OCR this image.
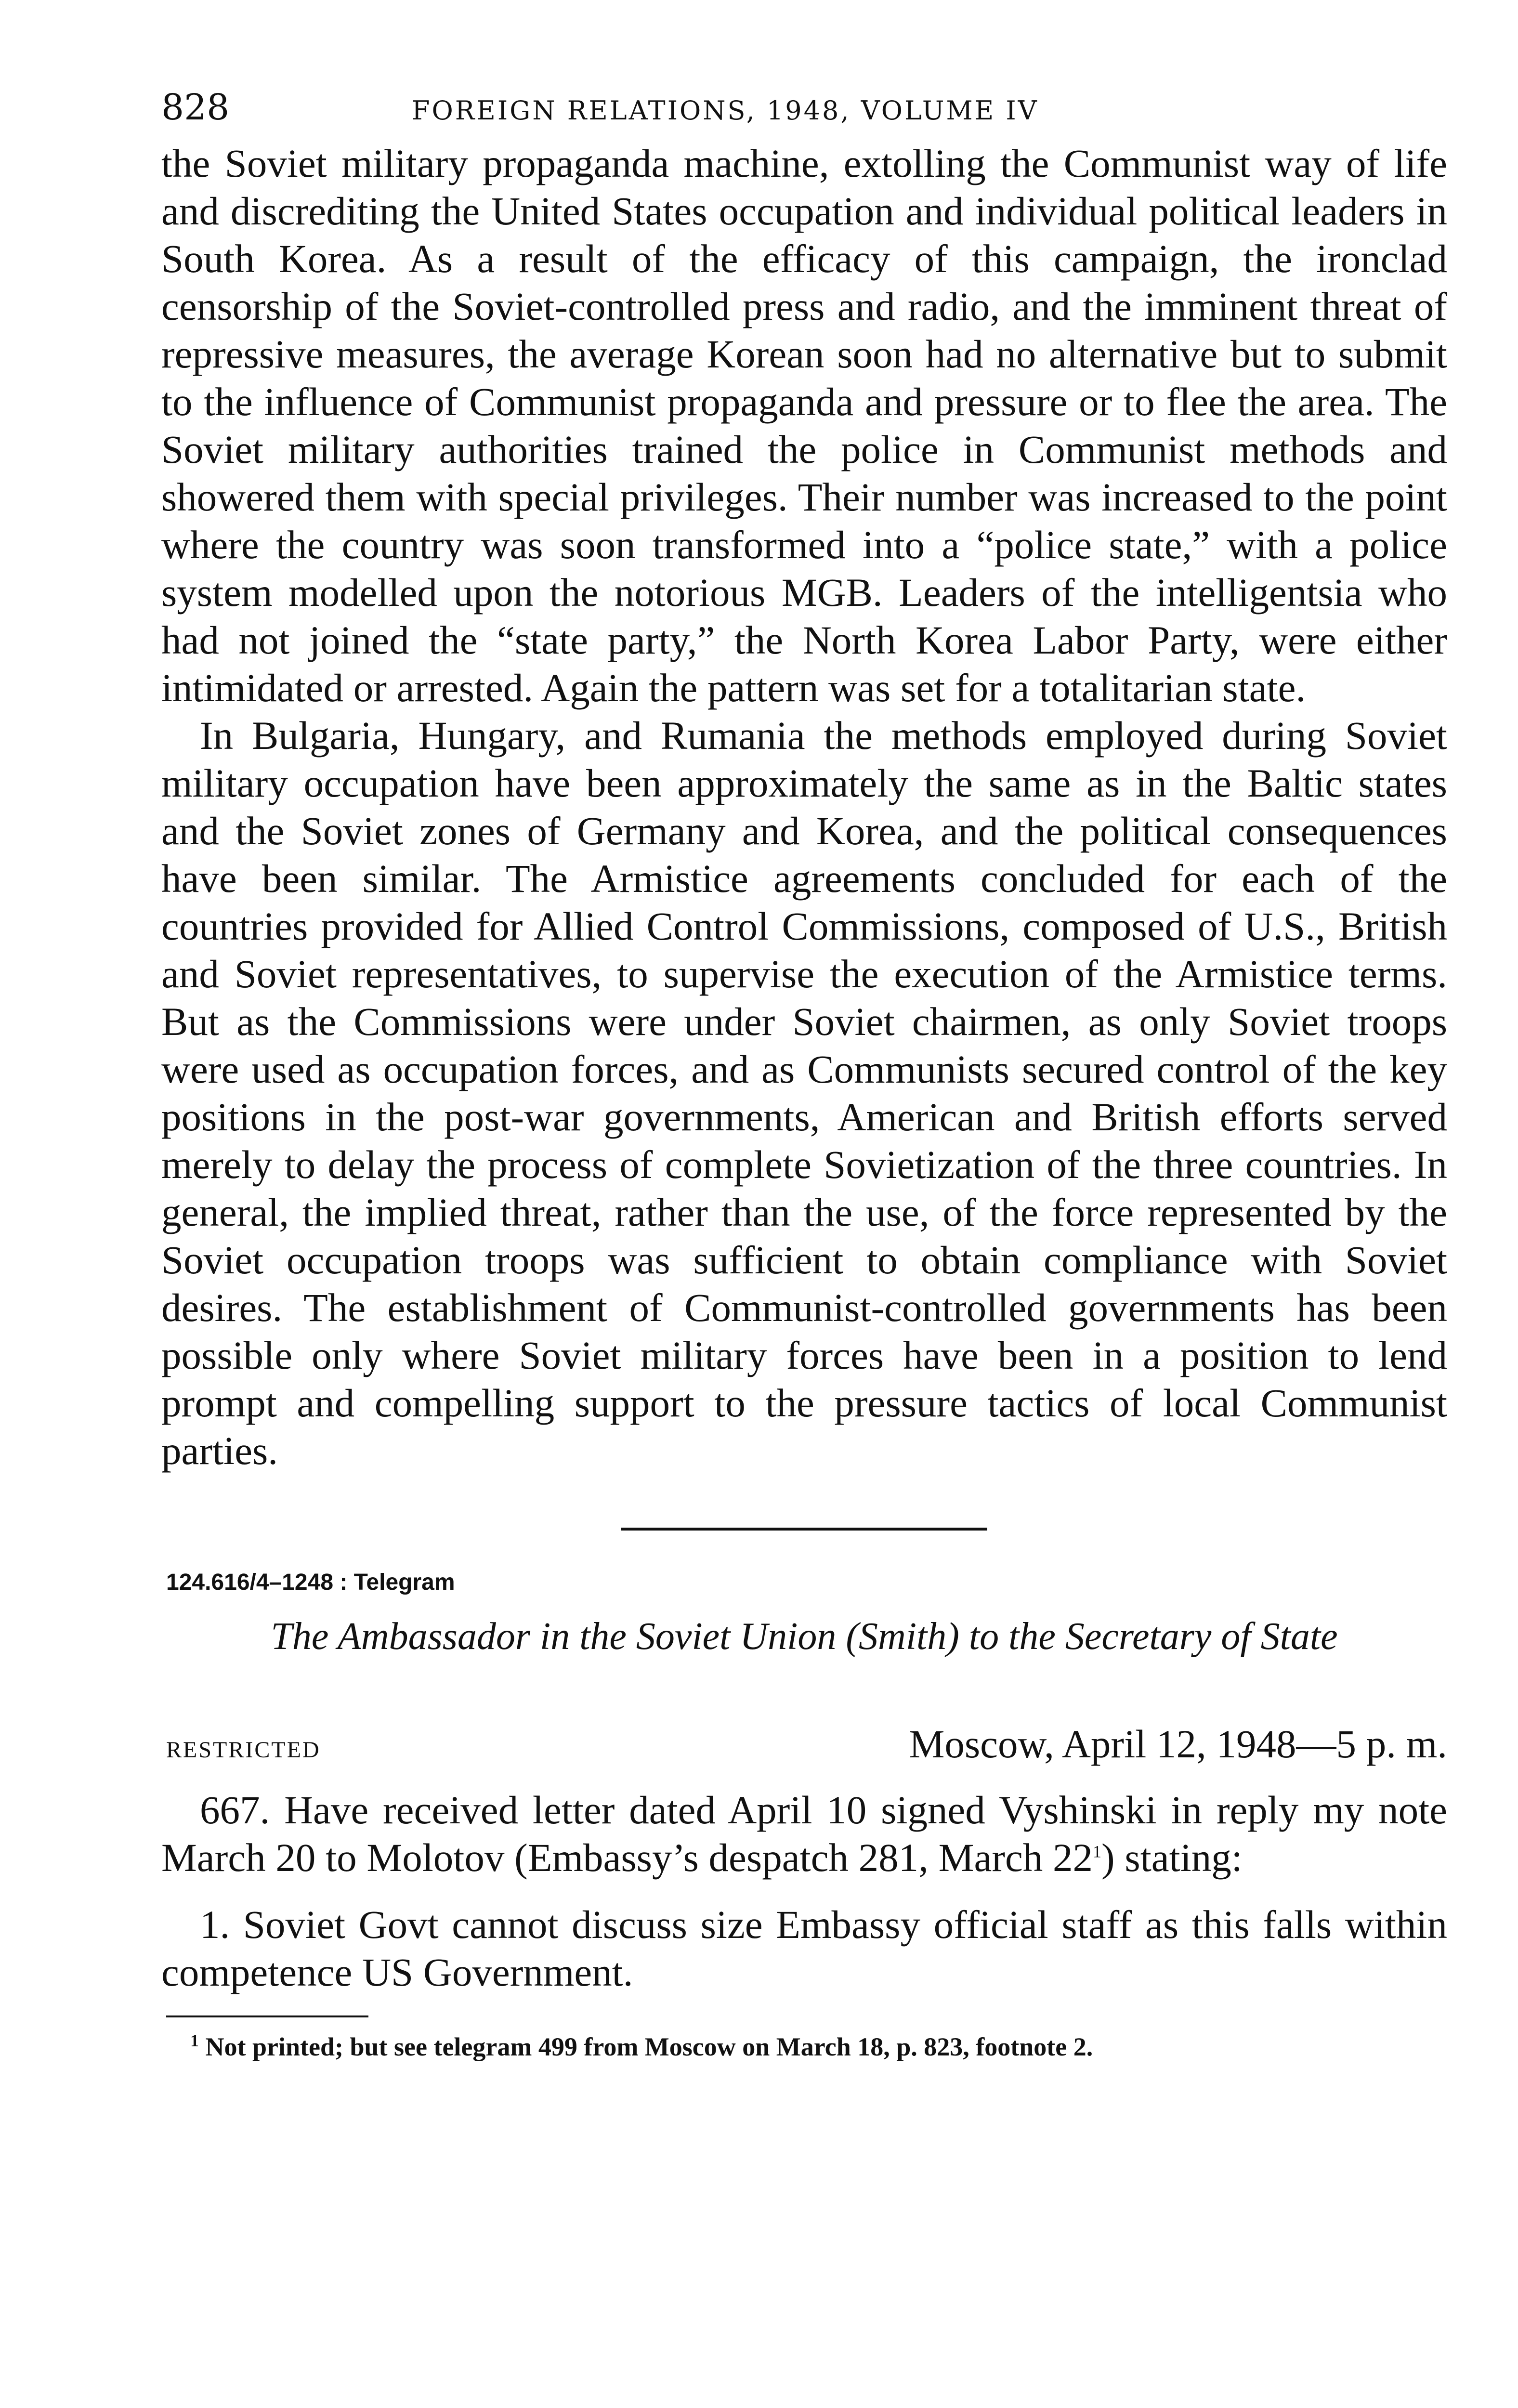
828	FOREIGN RELATIONS, 1948, VOLUME IV

the Soviet military propaganda machine, extolling the Communist way of life and discrediting the United States occupation and individual political leaders in South Korea. As a result of the efficacy of this campaign, the ironclad censorship of the Soviet-controlled press and radio, and the imminent threat of repressive measures, the average Korean soon had no alternative but to submit to the influence of Communist propaganda and pressure or to flee the area. The Soviet military authorities trained the police in Communist methods and showered them with special privileges. Their number was increased to the point where the country was soon transformed into a “police state,” with a police system modelled upon the notorious MGB. Leaders of the intelligentsia who had not joined the “state party,” the North Korea Labor Party, were either intimidated or arrested. Again the pattern was set for a totalitarian state.

In Bulgaria, Hungary, and Rumania the methods employed during Soviet military occupation have been approximately the same as in the Baltic states and the Soviet zones of Germany and Korea, and the political consequences have been similar. The Armistice agreements concluded for each of the countries provided for Allied Control Commissions, composed of U.S., British and Soviet representatives, to supervise the execution of the Armistice terms. But as the Commissions were under Soviet chairmen, as only Soviet troops were used as occupation forces, and as Communists secured control of the key positions in the post-war governments, American and British efforts served merely to delay the process of complete Sovietization of the three countries. In general, the implied threat, rather than the use, of the force represented by the Soviet occupation troops was sufficient to obtain compliance with Soviet desires. The establishment of Communist-controlled governments has been possible only where Soviet military forces have been in a position to lend prompt and compelling support to the pressure tactics of local Communist parties.

124.616/4–1248 : Telegram

The Ambassador in the Soviet Union (Smith) to the Secretary of State

RESTRICTED	Moscow, April 12, 1948—5 p. m.

667. Have received letter dated April 10 signed Vyshinski in reply my note March 20 to Molotov (Embassy’s despatch 281, March $22^1$) stating:

1. Soviet Govt cannot discuss size Embassy official staff as this falls within competence US Government.

$^1$ Not printed; but see telegram 499 from Moscow on March 18, p. 823, footnote 2.
